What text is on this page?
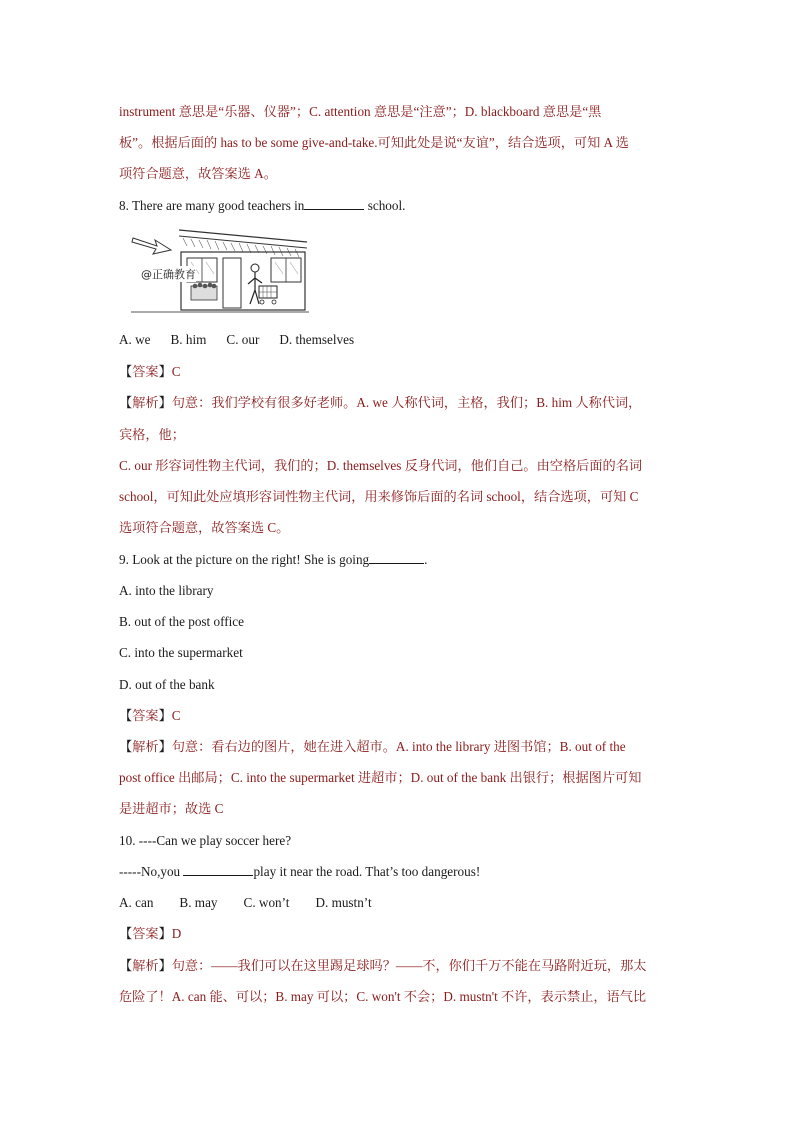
instrument 意思是“乐器、仪器”；C. attention 意思是“注意”；D. blackboard 意思是“黑
板”。根据后面的 has to be some give-and-take.可知此处是说“友谊”，结合选项，可知 A 选
项符合题意，故答案选 A。
8. There are many good teachers in	school.
@正确教育
A. we B. him C. our D. themselves
【答案】C
【解析】句意：我们学校有很多好老师。A. we 人称代词，主格，我们；B. him 人称代词，
宾格，他；
C. our 形容词性物主代词，我们的；D. themselves 反身代词，他们自己。由空格后面的名词
school，可知此处应填形容词性物主代词，用来修饰后面的名词 school，结合选项，可知 C
选项符合题意，故答案选 C。
9. Look at the picture on the right! She is going	.
A. into the library
B. out of the post office
C. into the supermarket
D. out of the bank
【答案】C
【解析】句意：看右边的图片，她在进入超市。A. into the library 进图书馆；B. out of the
post office 出邮局；C. into the supermarket 进超市；D. out of the bank 出银行；根据图片可知
是进超市；故选 C
10. ----Can we play soccer here?
-----No,you	play it near the road. That’s too dangerous!
A. can B. may C. won’t D. mustn’t
【答案】D
【解析】句意：——我们可以在这里踢足球吗？——不，你们千万不能在马路附近玩，那太
危险了！A. can 能、可以；B. may 可以；C. won't 不会；D. mustn't 不许，表示禁止，语气比
